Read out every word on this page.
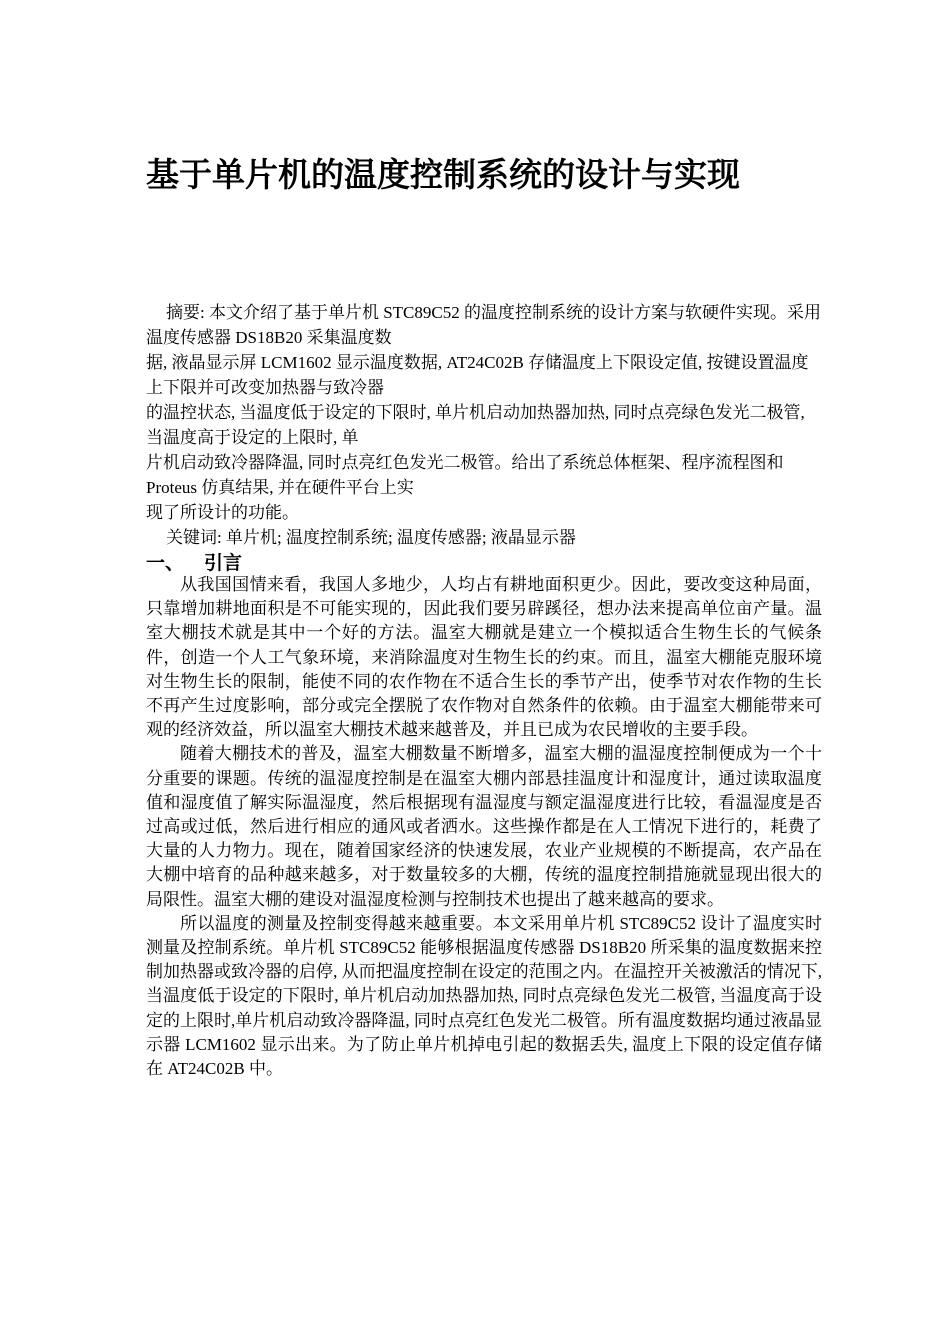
基于单片机的温度控制系统的设计与实现

摘要: 本文介绍了基于单片机 STC89C52 的温度控制系统的设计方案与软硬件实现。采用温度传感器 DS18B20 采集温度数

据, 液晶显示屏 LCM1602 显示温度数据, AT24C02B 存储温度上下限设定值, 按键设置温度上下限并可改变加热器与致冷器

的温控状态, 当温度低于设定的下限时, 单片机启动加热器加热, 同时点亮绿色发光二极管, 当温度高于设定的上限时, 单

片机启动致冷器降温, 同时点亮红色发光二极管。给出了系统总体框架、程序流程图和 Proteus 仿真结果, 并在硬件平台上实

现了所设计的功能。

关键词: 单片机; 温度控制系统; 温度传感器; 液晶显示器

一、 引言

从我国国情来看，我国人多地少，人均占有耕地面积更少。因此，要改变这种局面，只靠增加耕地面积是不可能实现的，因此我们要另辟蹊径，想办法来提高单位亩产量。温室大棚技术就是其中一个好的方法。温室大棚就是建立一个模拟适合生物生长的气候条件，创造一个人工气象环境，来消除温度对生物生长的约束。而且，温室大棚能克服环境对生物生长的限制，能使不同的农作物在不适合生长的季节产出，使季节对农作物的生长不再产生过度影响，部分或完全摆脱了农作物对自然条件的依赖。由于温室大棚能带来可观的经济效益，所以温室大棚技术越来越普及，并且已成为农民增收的主要手段。

随着大棚技术的普及，温室大棚数量不断增多，温室大棚的温湿度控制便成为一个十分重要的课题。传统的温湿度控制是在温室大棚内部悬挂温度计和湿度计，通过读取温度值和湿度值了解实际温湿度，然后根据现有温湿度与额定温湿度进行比较，看温湿度是否过高或过低，然后进行相应的通风或者洒水。这些操作都是在人工情况下进行的，耗费了大量的人力物力。现在，随着国家经济的快速发展，农业产业规模的不断提高，农产品在大棚中培育的品种越来越多，对于数量较多的大棚，传统的温度控制措施就显现出很大的局限性。温室大棚的建设对温湿度检测与控制技术也提出了越来越高的要求。

所以温度的测量及控制变得越来越重要。本文采用单片机 STC89C52 设计了温度实时测量及控制系统。单片机 STC89C52 能够根据温度传感器 DS18B20 所采集的温度数据来控制加热器或致冷器的启停, 从而把温度控制在设定的范围之内。在温控开关被激活的情况下, 当温度低于设定的下限时, 单片机启动加热器加热, 同时点亮绿色发光二极管, 当温度高于设定的上限时,单片机启动致冷器降温, 同时点亮红色发光二极管。所有温度数据均通过液晶显示器 LCM1602 显示出来。为了防止单片机掉电引起的数据丢失, 温度上下限的设定值存储在 AT24C02B 中。
